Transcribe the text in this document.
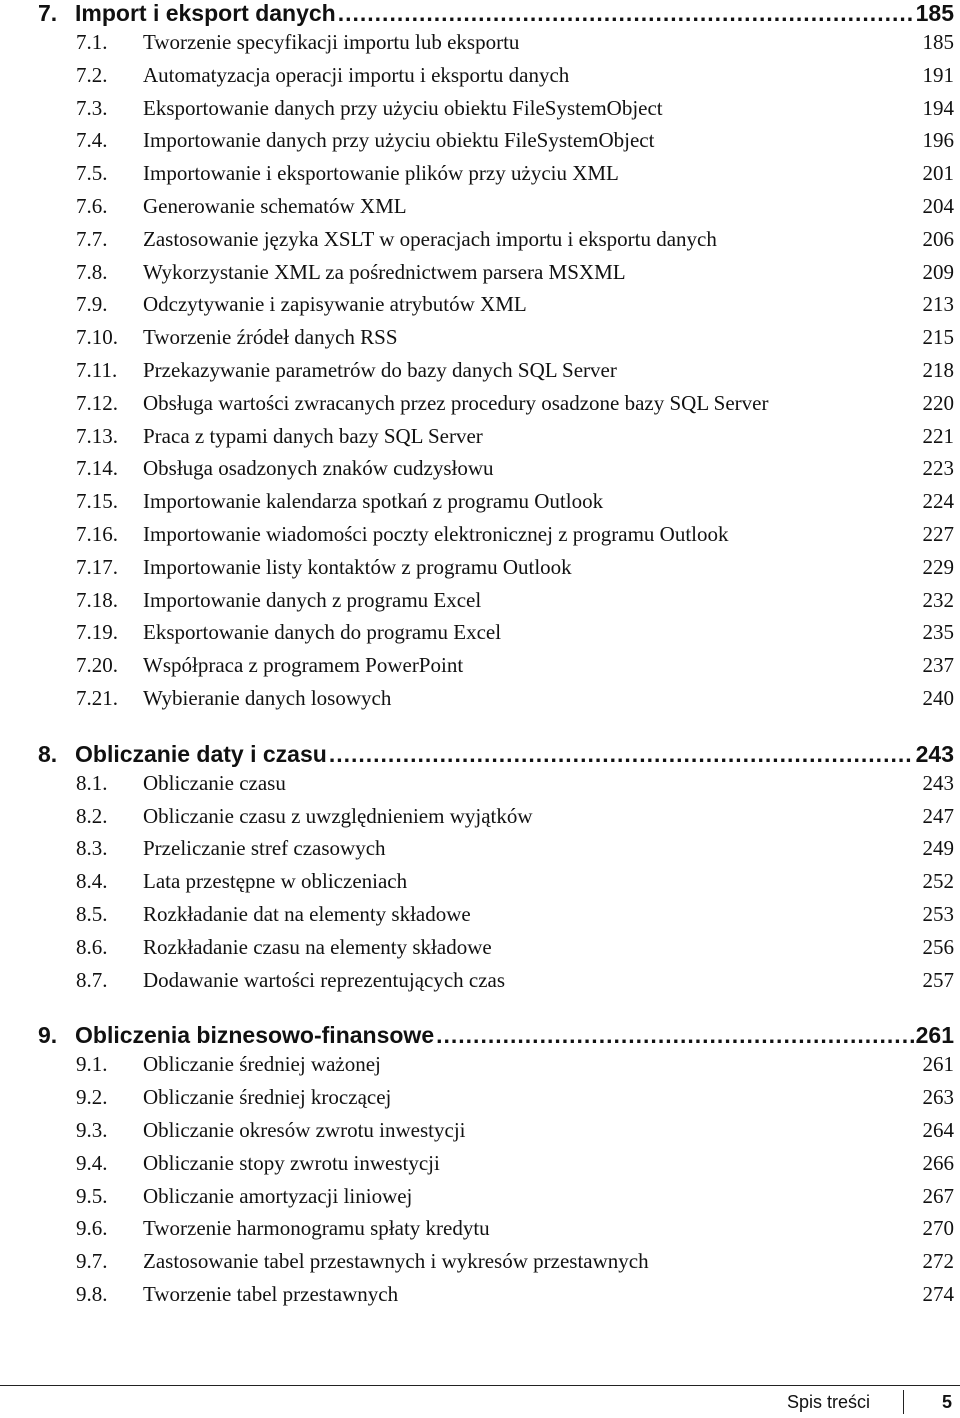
7. Import i eksport danych .....	185
7.1.	Tworzenie specyfikacji importu lub eksportu	185
7.2.	Automatyzacja operacji importu i eksportu danych	191
7.3.	Eksportowanie danych przy użyciu obiektu FileSystemObject	194
7.4.	Importowanie danych przy użyciu obiektu FileSystemObject	196
7.5.	Importowanie i eksportowanie plików przy użyciu XML	201
7.6.	Generowanie schematów XML	204
7.7.	Zastosowanie języka XSLT w operacjach importu i eksportu danych	206
7.8.	Wykorzystanie XML za pośrednictwem parsera MSXML	209
7.9.	Odczytywanie i zapisywanie atrybutów XML	213
7.10.	Tworzenie źródeł danych RSS	215
7.11.	Przekazywanie parametrów do bazy danych SQL Server	218
7.12.	Obsługa wartości zwracanych przez procedury osadzone bazy SQL Server	220
7.13.	Praca z typami danych bazy SQL Server	221
7.14.	Obsługa osadzonych znaków cudzysłowu	223
7.15.	Importowanie kalendarza spotkań z programu Outlook	224
7.16.	Importowanie wiadomości poczty elektronicznej z programu Outlook	227
7.17.	Importowanie listy kontaktów z programu Outlook	229
7.18.	Importowanie danych z programu Excel	232
7.19.	Eksportowanie danych do programu Excel	235
7.20.	Współpraca z programem PowerPoint	237
7.21.	Wybieranie danych losowych	240
8. Obliczanie daty i czasu .....	243
8.1.	Obliczanie czasu	243
8.2.	Obliczanie czasu z uwzględnieniem wyjątków	247
8.3.	Przeliczanie stref czasowych	249
8.4.	Lata przestępne w obliczeniach	252
8.5.	Rozkładanie dat na elementy składowe	253
8.6.	Rozkładanie czasu na elementy składowe	256
8.7.	Dodawanie wartości reprezentujących czas	257
9. Obliczenia biznesowo-finansowe .....	261
9.1.	Obliczanie średniej ważonej	261
9.2.	Obliczanie średniej kroczącej	263
9.3.	Obliczanie okresów zwrotu inwestycji	264
9.4.	Obliczanie stopy zwrotu inwestycji	266
9.5.	Obliczanie amortyzacji liniowej	267
9.6.	Tworzenie harmonogramu spłaty kredytu	270
9.7.	Zastosowanie tabel przestawnych i wykresów przestawnych	272
9.8.	Tworzenie tabel przestawnych	274
Spis treści	5
